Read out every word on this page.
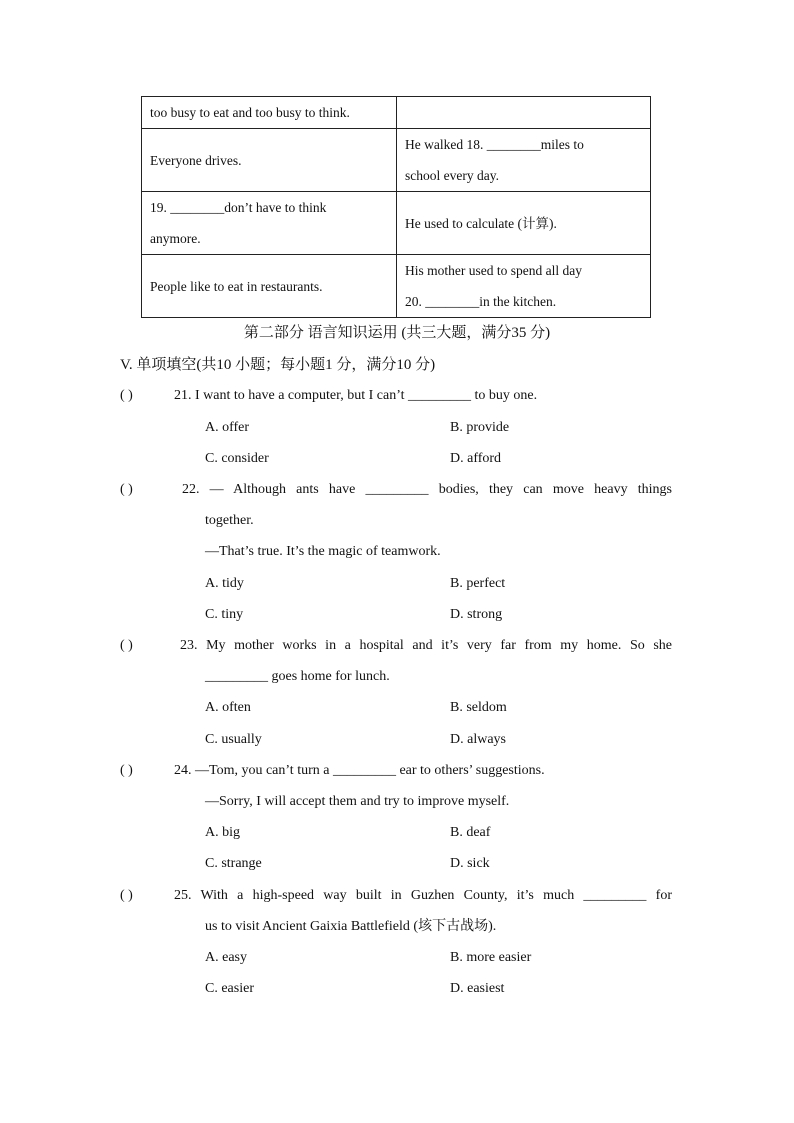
too busy to eat and too busy to think.	

Everyone drives.	He walked 18. ________miles to
school every day.

19. ________don’t have to think
anymore.	He used to calculate (计算).

People like to eat in restaurants.	His mother used to spend all day
20. ________in the kitchen.
第二部分 语言知识运用 (共三大题，满分35 分)
V. 单项填空(共10 小题；每小题1 分，满分10 分)
( )	21. I want to have a computer, but I can’t _________ to buy one.
A. offer	B. provide
C. consider	D. afford
( )	22. — Although ants have _________ bodies, they can move heavy things
together.
—That’s true. It’s the magic of teamwork.
A. tidy	B. perfect
C. tiny	D. strong
( )	23. My mother works in a hospital and it’s very far from my home. So she
_________ goes home for lunch.
A. often	B. seldom
C. usually	D. always
( )	24. —Tom, you can’t turn a _________ ear to others’ suggestions.
—Sorry, I will accept them and try to improve myself.
A. big	B. deaf
C. strange	D. sick
( )	25. With a high-speed way built in Guzhen County, it’s much _________ for
us to visit Ancient Gaixia Battlefield (垓下古战场).
A. easy	B. more easier
C. easier	D. easiest
